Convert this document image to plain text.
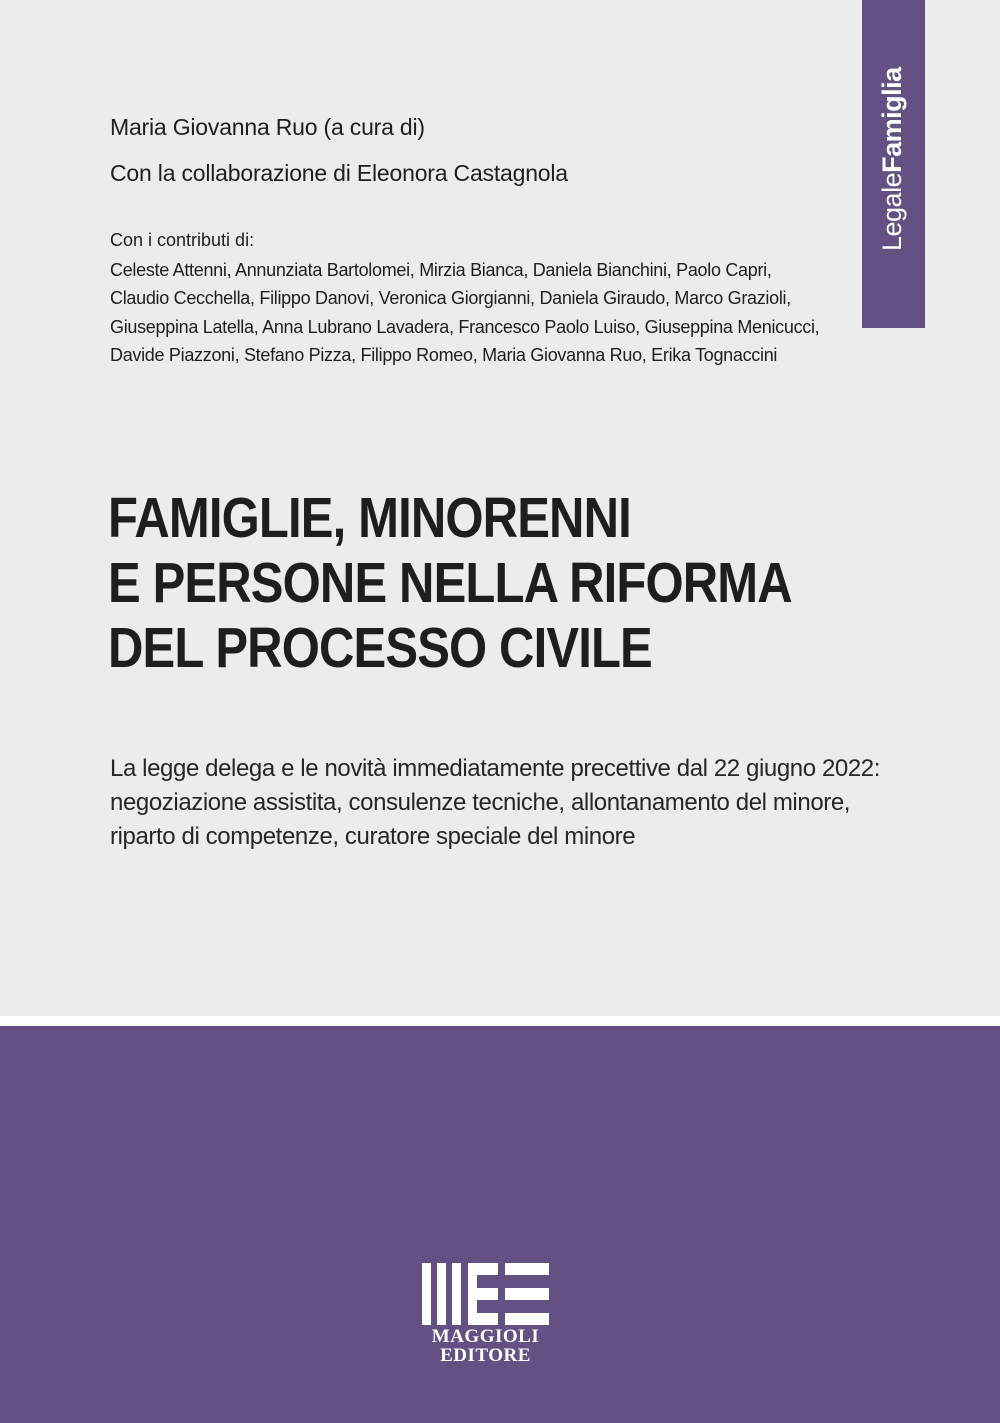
LegaleFamiglia

Maria Giovanna Ruo (a cura di)

Con la collaborazione di Eleonora Castagnola

Con i contributi di:

Celeste Attenni, Annunziata Bartolomei, Mirzia Bianca, Daniela Bianchini, Paolo Capri,
Claudio Cecchella, Filippo Danovi, Veronica Giorgianni, Daniela Giraudo, Marco Grazioli,
Giuseppina Latella, Anna Lubrano Lavadera, Francesco Paolo Luiso, Giuseppina Menicucci,
Davide Piazzoni, Stefano Pizza, Filippo Romeo, Maria Giovanna Ruo, Erika Tognaccini
FAMIGLIE, MINORENNI
E PERSONE NELLA RIFORMA
DEL PROCESSO CIVILE

La legge delega e le novità immediatamente precettive dal 22 giugno 2022:
negoziazione assistita, consulenze tecniche, allontanamento del minore,
riparto di competenze, curatore speciale del minore

MAGGIOLI
EDITORE
